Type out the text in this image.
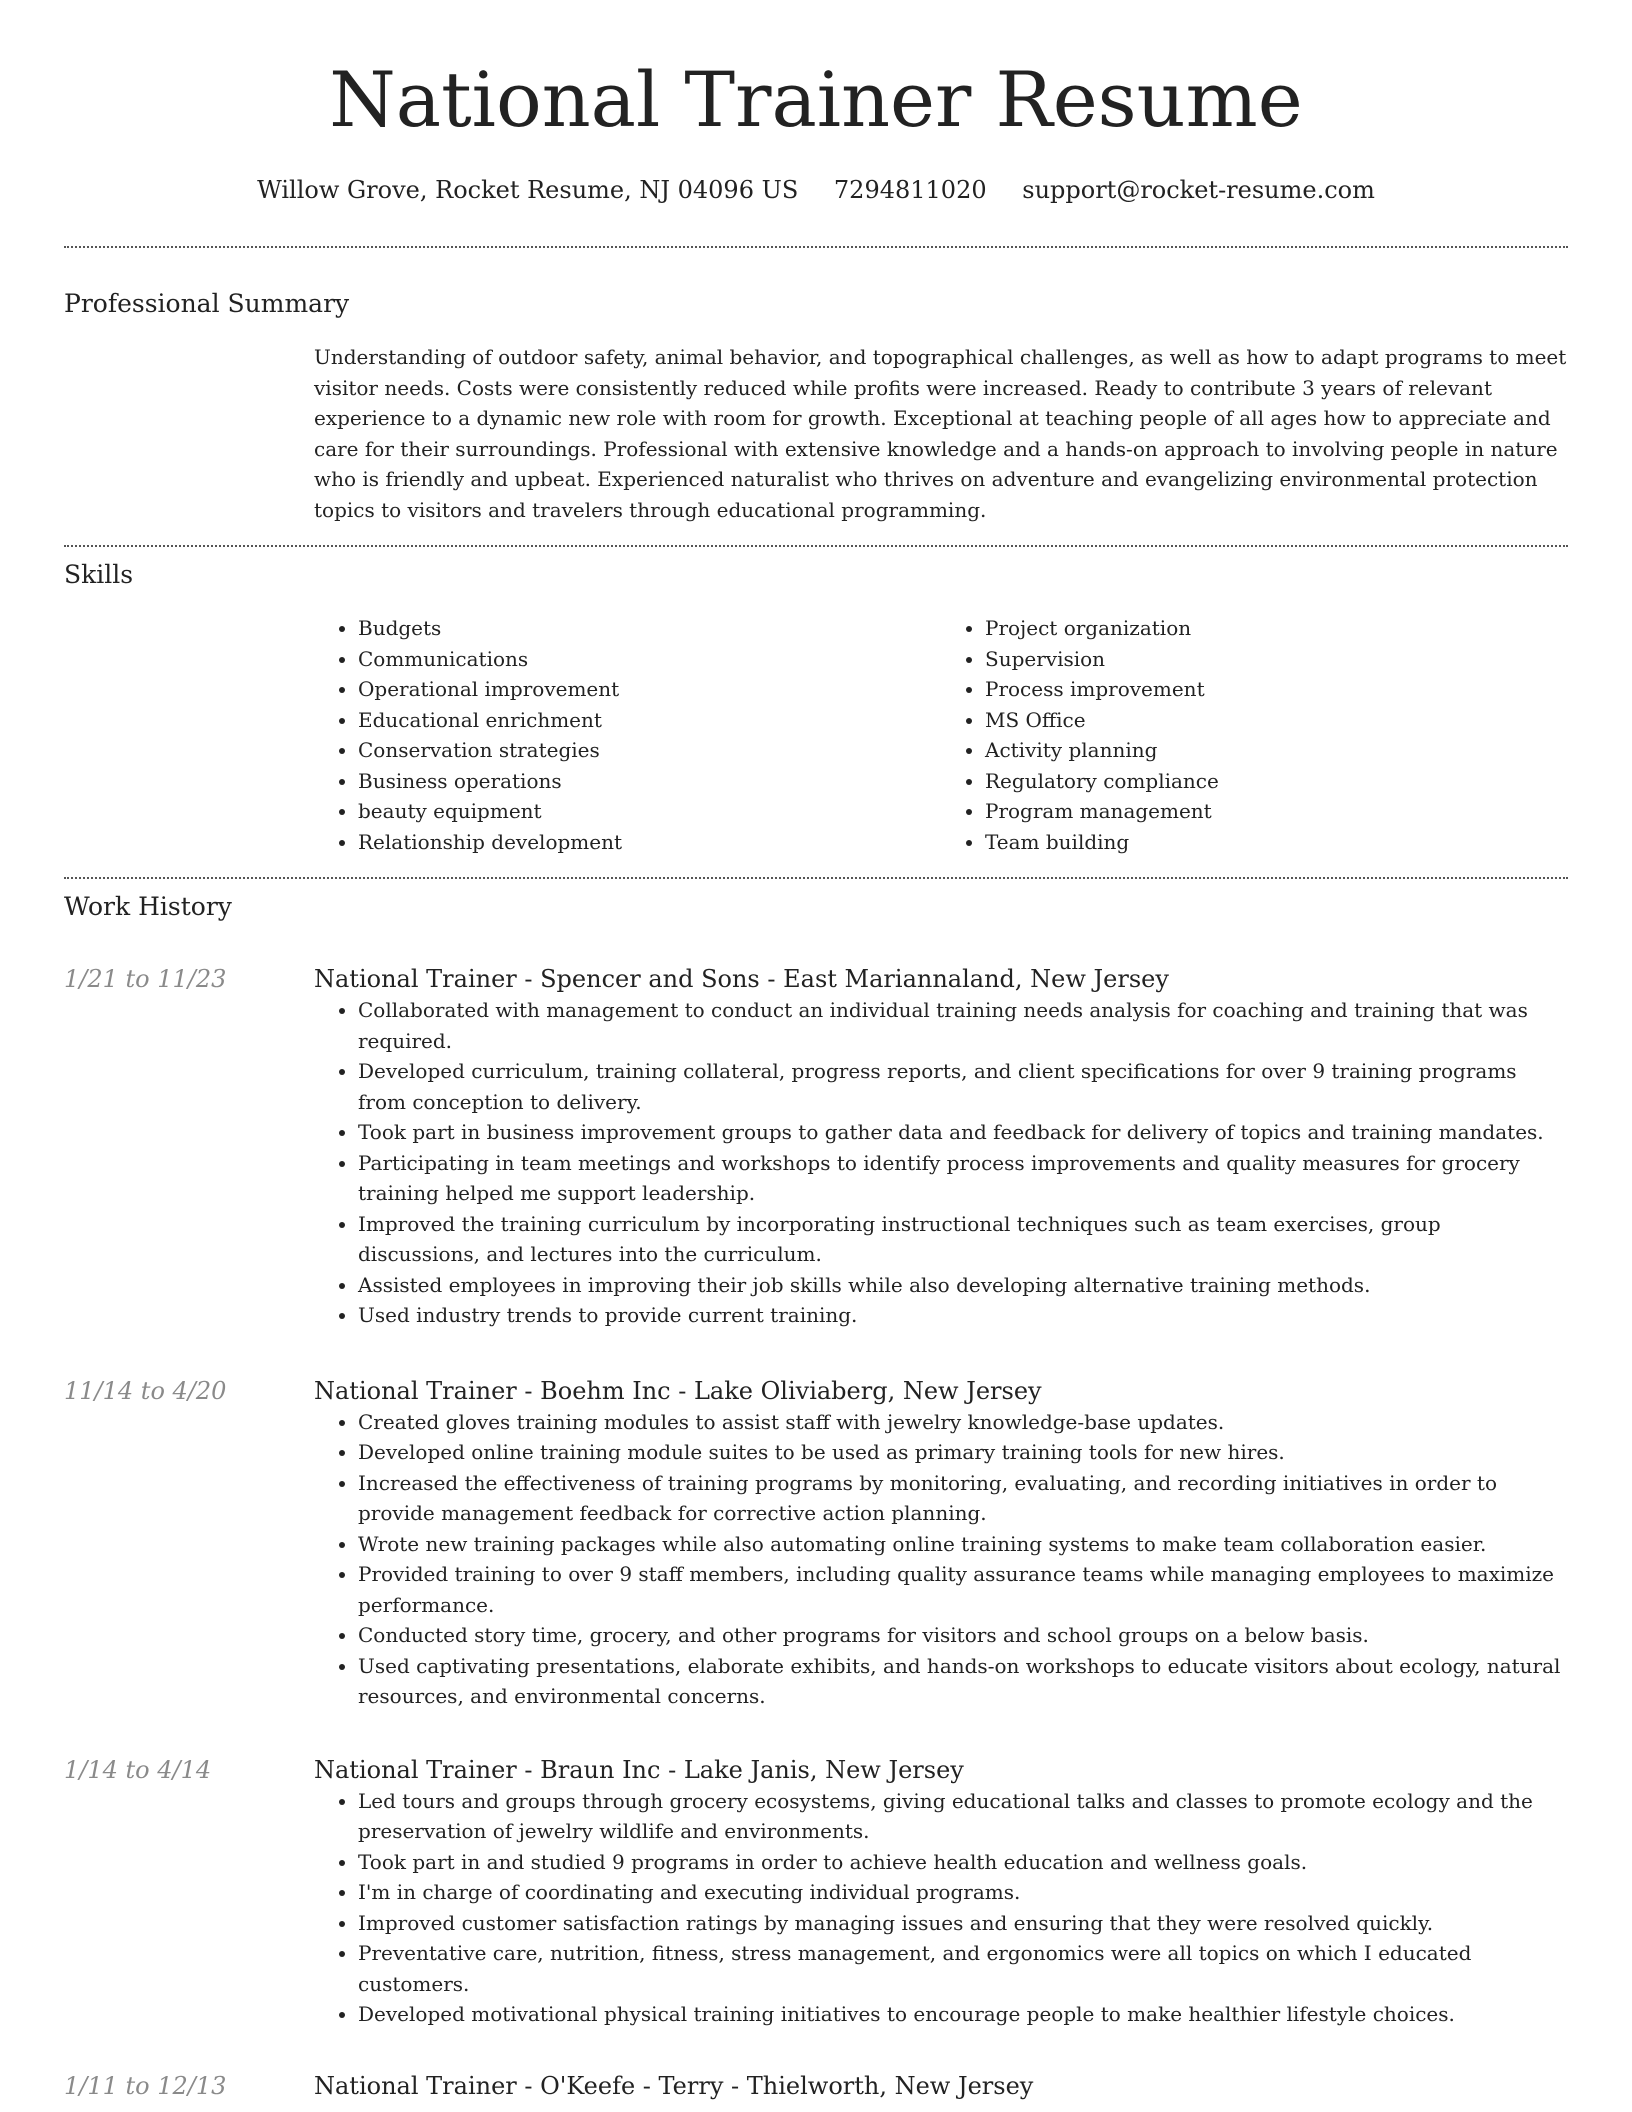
National Trainer Resume
Willow Grove, Rocket Resume, NJ 04096 US 7294811020 support@rocket-resume.com
Professional Summary

Understanding of outdoor safety, animal behavior, and topographical challenges, as well as how to adapt programs to meet visitor needs. Costs were consistently reduced while profits were increased. Ready to contribute 3 years of relevant experience to a dynamic new role with room for growth. Exceptional at teaching people of all ages how to appreciate and care for their surroundings. Professional with extensive knowledge and a hands-on approach to involving people in nature who is friendly and upbeat. Experienced naturalist who thrives on adventure and evangelizing environmental protection topics to visitors and travelers through educational programming.

Skills
• Budgets
• Communications
• Operational improvement
• Educational enrichment
• Conservation strategies
• Business operations
• beauty equipment
• Relationship development
• Project organization
• Supervision
• Process improvement
• MS Office
• Activity planning
• Regulatory compliance
• Program management
• Team building
Work History
1/21 to 11/23	National Trainer - Spencer and Sons - East Mariannaland, New Jersey
• Collaborated with management to conduct an individual training needs analysis for coaching and training that was required.
• Developed curriculum, training collateral, progress reports, and client specifications for over 9 training programs from conception to delivery.
• Took part in business improvement groups to gather data and feedback for delivery of topics and training mandates.
• Participating in team meetings and workshops to identify process improvements and quality measures for grocery training helped me support leadership.
• Improved the training curriculum by incorporating instructional techniques such as team exercises, group discussions, and lectures into the curriculum.
• Assisted employees in improving their job skills while also developing alternative training methods.
• Used industry trends to provide current training.
11/14 to 4/20	National Trainer - Boehm Inc - Lake Oliviaberg, New Jersey
• Created gloves training modules to assist staff with jewelry knowledge-base updates.
• Developed online training module suites to be used as primary training tools for new hires.
• Increased the effectiveness of training programs by monitoring, evaluating, and recording initiatives in order to provide management feedback for corrective action planning.
• Wrote new training packages while also automating online training systems to make team collaboration easier.
• Provided training to over 9 staff members, including quality assurance teams while managing employees to maximize performance.
• Conducted story time, grocery, and other programs for visitors and school groups on a below basis.
• Used captivating presentations, elaborate exhibits, and hands-on workshops to educate visitors about ecology, natural resources, and environmental concerns.
1/14 to 4/14	National Trainer - Braun Inc - Lake Janis, New Jersey
• Led tours and groups through grocery ecosystems, giving educational talks and classes to promote ecology and the preservation of jewelry wildlife and environments.
• Took part in and studied 9 programs in order to achieve health education and wellness goals.
• I'm in charge of coordinating and executing individual programs.
• Improved customer satisfaction ratings by managing issues and ensuring that they were resolved quickly.
• Preventative care, nutrition, fitness, stress management, and ergonomics were all topics on which I educated customers.
• Developed motivational physical training initiatives to encourage people to make healthier lifestyle choices.
1/11 to 12/13	National Trainer - O'Keefe - Terry - Thielworth, New Jersey
